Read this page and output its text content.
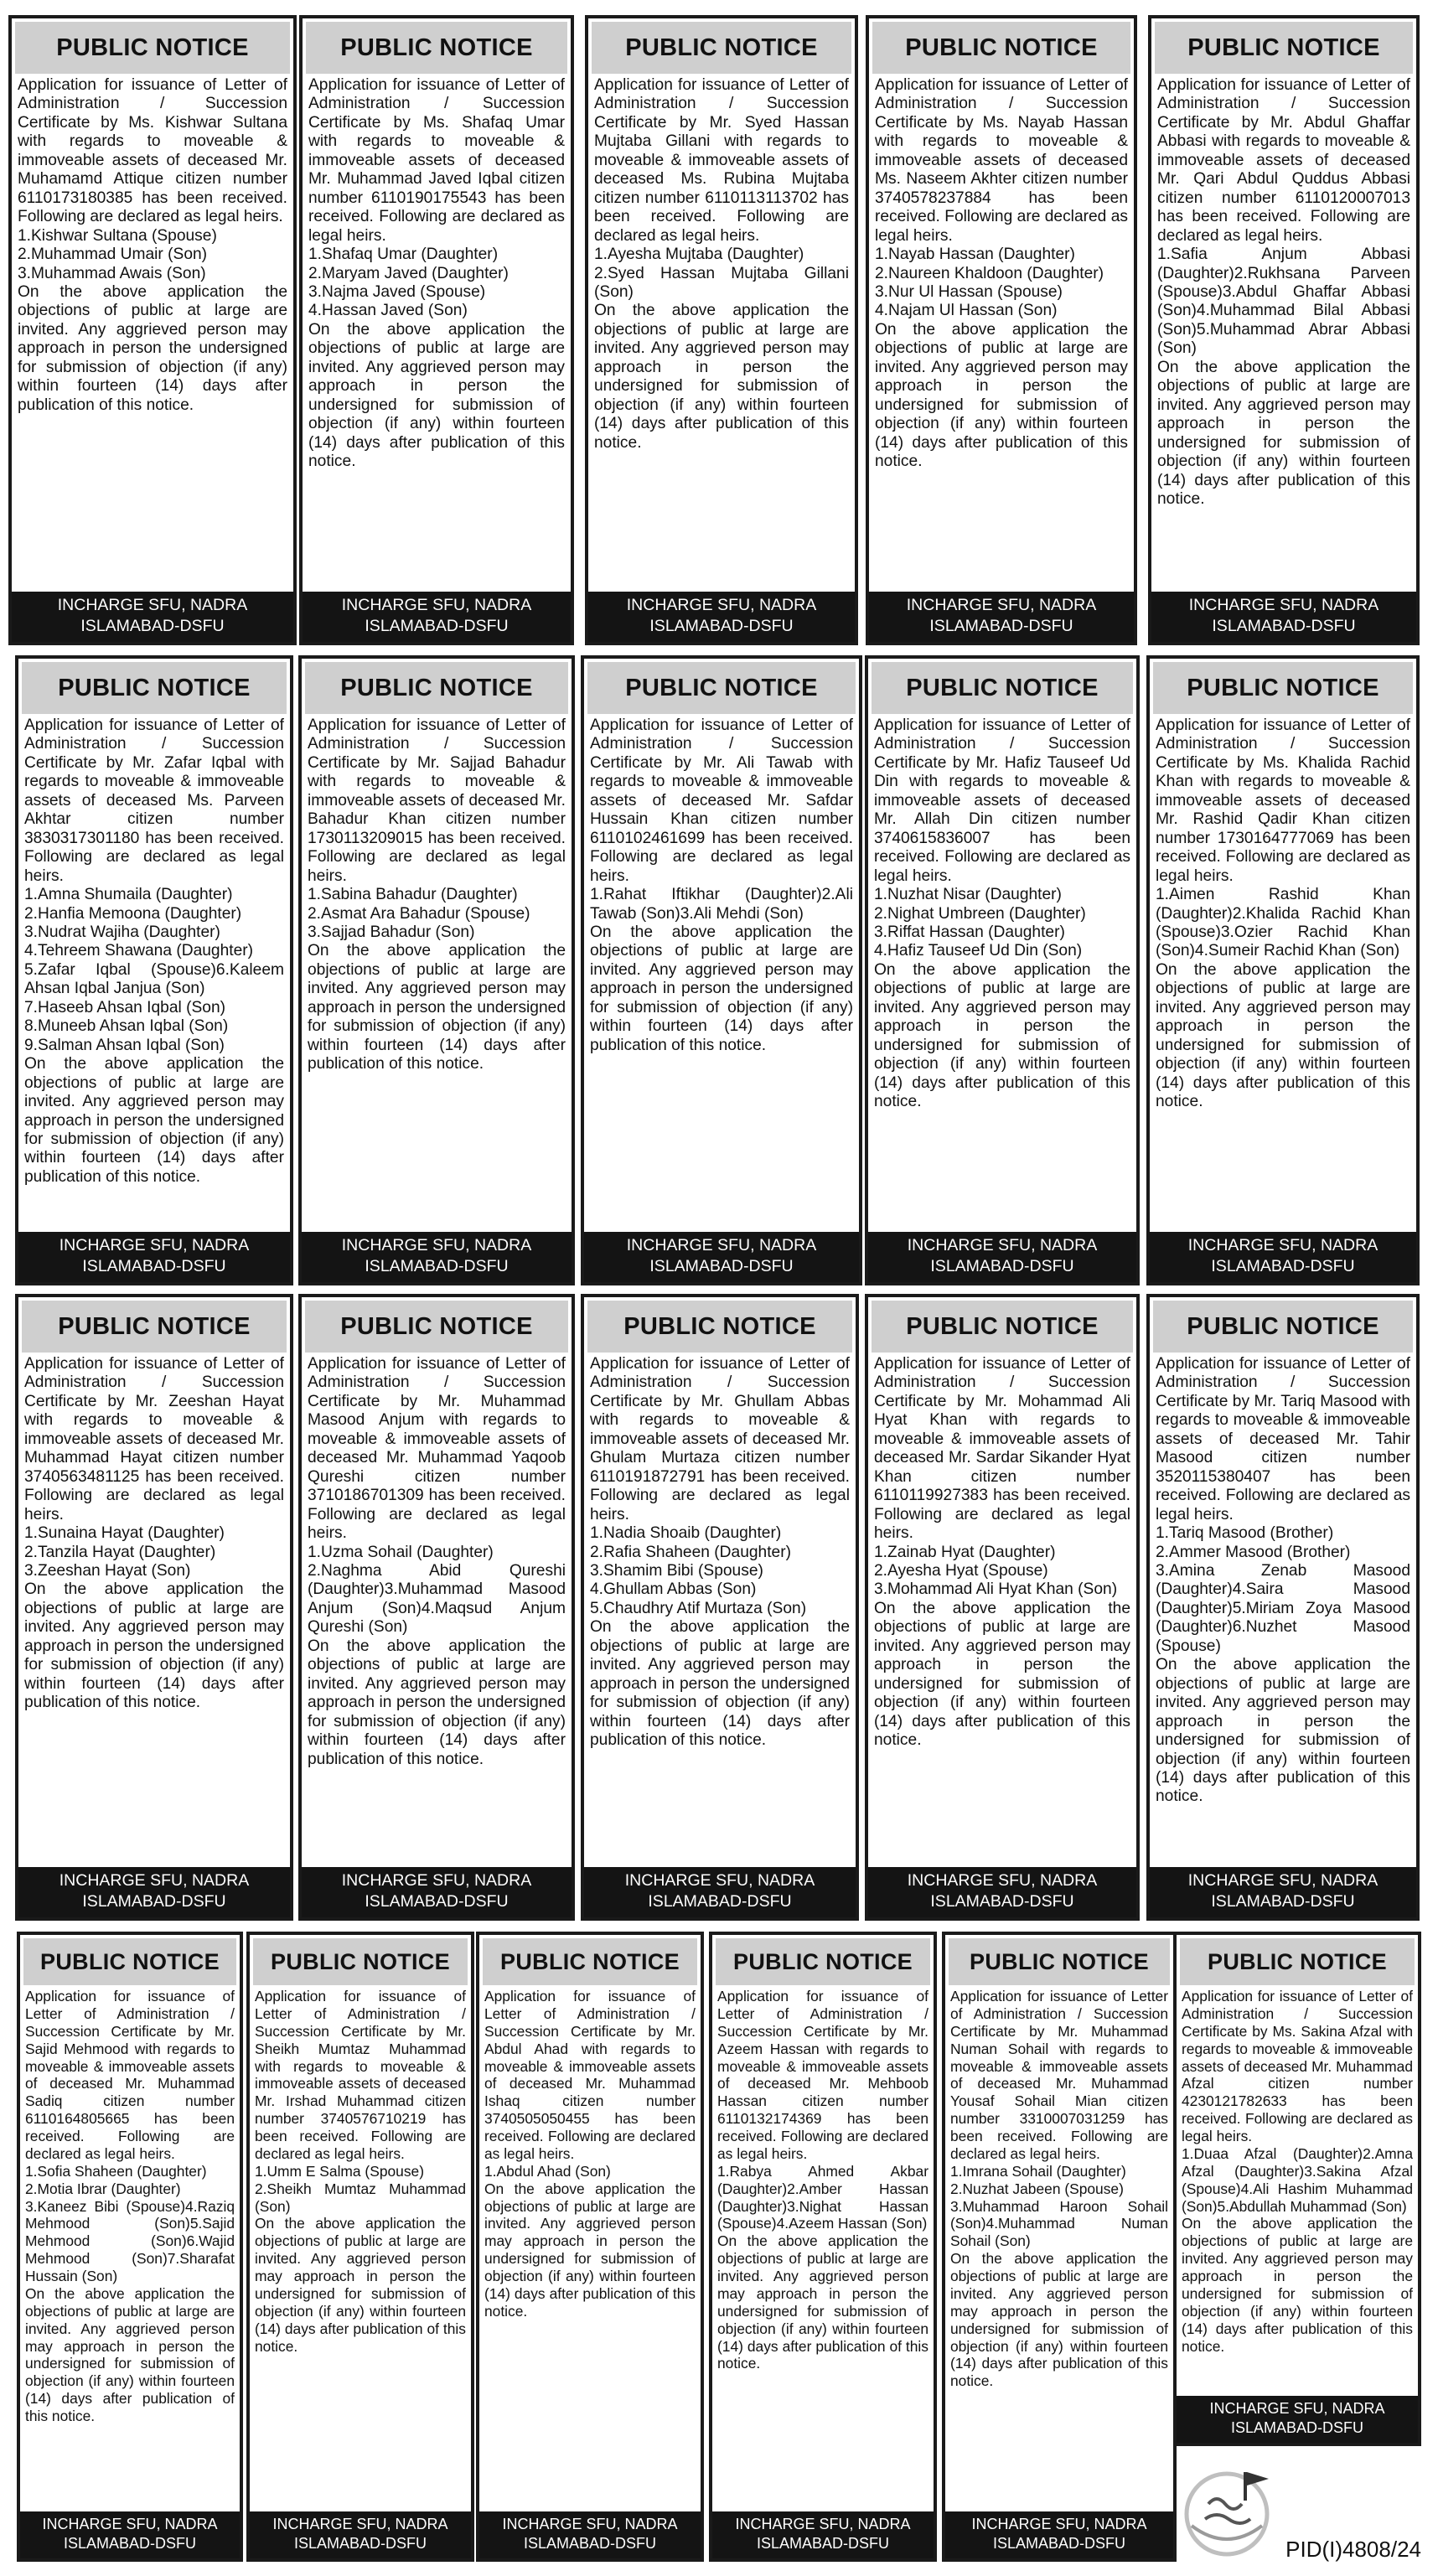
PUBLIC NOTICE

Application for issuance of Letter of Administration / Succession Certificate by Ms. Kishwar Sultana with regards to moveable & immoveable assets of deceased Mr. Muhamamd Attique citizen number 6110173180385 has been received. Following are declared as legal heirs.

1.Kishwar Sultana (Spouse)
2.Muhammad Umair (Son)
3.Muhammad Awais (Son)

On the above application the objections of public at large are invited. Any aggrieved person may approach in person the undersigned for submission of objection (if any) within fourteen (14) days after publication of this notice.

INCHARGE SFU, NADRA
ISLAMABAD-DSFU
PUBLIC NOTICE

Application for issuance of Letter of Administration / Succession Certificate by Ms. Shafaq Umar with regards to moveable & immoveable assets of deceased Mr. Muhammad Javed Iqbal citizen number 6110190175543 has been received. Following are declared as legal heirs.

1.Shafaq Umar (Daughter)
2.Maryam Javed (Daughter)
3.Najma Javed (Spouse)
4.Hassan Javed (Son)

On the above application the objections of public at large are invited. Any aggrieved person may approach in person the undersigned for submission of objection (if any) within fourteen (14) days after publication of this notice.

INCHARGE SFU, NADRA
ISLAMABAD-DSFU
PUBLIC NOTICE

Application for issuance of Letter of Administration / Succession Certificate by Mr. Syed Hassan Mujtaba Gillani with regards to moveable & immoveable assets of deceased Ms. Rubina Mujtaba citizen number 6110113113702 has been received. Following are declared as legal heirs.

1.Ayesha Mujtaba (Daughter)
2.Syed Hassan Mujtaba Gillani (Son)

On the above application the objections of public at large are invited. Any aggrieved person may approach in person the undersigned for submission of objection (if any) within fourteen (14) days after publication of this notice.

INCHARGE SFU, NADRA
ISLAMABAD-DSFU
PUBLIC NOTICE

Application for issuance of Letter of Administration / Succession Certificate by Ms. Nayab Hassan with regards to moveable & immoveable assets of deceased Ms. Naseem Akhter citizen number 3740578237884 has been received. Following are declared as legal heirs.

1.Nayab Hassan (Daughter)
2.Naureen Khaldoon (Daughter)
3.Nur Ul Hassan (Spouse)
4.Najam Ul Hassan (Son)

On the above application the objections of public at large are invited. Any aggrieved person may approach in person the undersigned for submission of objection (if any) within fourteen (14) days after publication of this notice.

INCHARGE SFU, NADRA
ISLAMABAD-DSFU
PUBLIC NOTICE

Application for issuance of Letter of Administration / Succession Certificate by Mr. Abdul Ghaffar Abbasi with regards to moveable & immoveable assets of deceased Mr. Qari Abdul Quddus Abbasi citizen number 6110120007013 has been received. Following are declared as legal heirs.

1.Safia Anjum Abbasi (Daughter)2.Rukhsana Parveen (Spouse)3.Abdul Ghaffar Abbasi (Son)4.Muhammad Bilal Abbasi (Son)5.Muhammad Abrar Abbasi (Son)

On the above application the objections of public at large are invited. Any aggrieved person may approach in person the undersigned for submission of objection (if any) within fourteen (14) days after publication of this notice.

INCHARGE SFU, NADRA
ISLAMABAD-DSFU
PUBLIC NOTICE

Application for issuance of Letter of Administration / Succession Certificate by Mr. Zafar Iqbal with regards to moveable & immoveable assets of deceased Ms. Parveen Akhtar citizen number 3830317301180 has been received. Following are declared as legal heirs.

1.Amna Shumaila (Daughter)
2.Hanfia Memoona (Daughter)
3.Nudrat Wajiha (Daughter)
4.Tehreem Shawana (Daughter)
5.Zafar Iqbal (Spouse)6.Kaleem Ahsan Iqbal Janjua (Son)
7.Haseeb Ahsan Iqbal (Son)
8.Muneeb Ahsan Iqbal (Son)
9.Salman Ahsan Iqbal (Son)

On the above application the objections of public at large are invited. Any aggrieved person may approach in person the undersigned for submission of objection (if any) within fourteen (14) days after publication of this notice.

INCHARGE SFU, NADRA
ISLAMABAD-DSFU
PUBLIC NOTICE

Application for issuance of Letter of Administration / Succession Certificate by Mr. Sajjad Bahadur with regards to moveable & immoveable assets of deceased Mr. Bahadur Khan citizen number 1730113209015 has been received. Following are declared as legal heirs.

1.Sabina Bahadur (Daughter)
2.Asmat Ara Bahadur (Spouse)
3.Sajjad Bahadur (Son)

On the above application the objections of public at large are invited. Any aggrieved person may approach in person the undersigned for submission of objection (if any) within fourteen (14) days after publication of this notice.

INCHARGE SFU, NADRA
ISLAMABAD-DSFU
PUBLIC NOTICE

Application for issuance of Letter of Administration / Succession Certificate by Mr. Ali Tawab with regards to moveable & immoveable assets of deceased Mr. Safdar Hussain Khan citizen number 6110102461699 has been received. Following are declared as legal heirs.

1.Rahat Iftikhar (Daughter)2.Ali Tawab (Son)3.Ali Mehdi (Son)

On the above application the objections of public at large are invited. Any aggrieved person may approach in person the undersigned for submission of objection (if any) within fourteen (14) days after publication of this notice.

INCHARGE SFU, NADRA
ISLAMABAD-DSFU
PUBLIC NOTICE

Application for issuance of Letter of Administration / Succession Certificate by Mr. Hafiz Tauseef Ud Din with regards to moveable & immoveable assets of deceased Mr. Allah Din citizen number 3740615836007 has been received. Following are declared as legal heirs.

1.Nuzhat Nisar (Daughter)
2.Nighat Umbreen (Daughter)
3.Riffat Hassan (Daughter)
4.Hafiz Tauseef Ud Din (Son)

On the above application the objections of public at large are invited. Any aggrieved person may approach in person the undersigned for submission of objection (if any) within fourteen (14) days after publication of this notice.

INCHARGE SFU, NADRA
ISLAMABAD-DSFU
PUBLIC NOTICE

Application for issuance of Letter of Administration / Succession Certificate by Ms. Khalida Rachid Khan with regards to moveable & immoveable assets of deceased Mr. Rashid Qadir Khan citizen number 1730164777069 has been received. Following are declared as legal heirs.

1.Aimen Rashid Khan (Daughter)2.Khalida Rachid Khan (Spouse)3.Ozier Rachid Khan (Son)4.Sumeir Rachid Khan (Son)

On the above application the objections of public at large are invited. Any aggrieved person may approach in person the undersigned for submission of objection (if any) within fourteen (14) days after publication of this notice.

INCHARGE SFU, NADRA
ISLAMABAD-DSFU
PUBLIC NOTICE

Application for issuance of Letter of Administration / Succession Certificate by Mr. Zeeshan Hayat with regards to moveable & immoveable assets of deceased Mr. Muhammad Hayat citizen number 3740563481125 has been received. Following are declared as legal heirs.

1.Sunaina Hayat (Daughter)
2.Tanzila Hayat (Daughter)
3.Zeeshan Hayat (Son)

On the above application the objections of public at large are invited. Any aggrieved person may approach in person the undersigned for submission of objection (if any) within fourteen (14) days after publication of this notice.

INCHARGE SFU, NADRA
ISLAMABAD-DSFU
PUBLIC NOTICE

Application for issuance of Letter of Administration / Succession Certificate by Mr. Muhammad Masood Anjum with regards to moveable & immoveable assets of deceased Mr. Muhammad Yaqoob Qureshi citizen number 3710186701309 has been received. Following are declared as legal heirs.

1.Uzma Sohail (Daughter)
2.Naghma Abid Qureshi (Daughter)3.Muhammad Masood Anjum (Son)4.Maqsud Anjum Qureshi (Son)

On the above application the objections of public at large are invited. Any aggrieved person may approach in person the undersigned for submission of objection (if any) within fourteen (14) days after publication of this notice.

INCHARGE SFU, NADRA
ISLAMABAD-DSFU
PUBLIC NOTICE

Application for issuance of Letter of Administration / Succession Certificate by Mr. Ghullam Abbas with regards to moveable & immoveable assets of deceased Mr. Ghulam Murtaza citizen number 6110191872791 has been received. Following are declared as legal heirs.

1.Nadia Shoaib (Daughter)
2.Rafia Shaheen (Daughter)
3.Shamim Bibi (Spouse)
4.Ghullam Abbas (Son)
5.Chaudhry Atif Murtaza (Son)

On the above application the objections of public at large are invited. Any aggrieved person may approach in person the undersigned for submission of objection (if any) within fourteen (14) days after publication of this notice.

INCHARGE SFU, NADRA
ISLAMABAD-DSFU
PUBLIC NOTICE

Application for issuance of Letter of Administration / Succession Certificate by Mr. Mohammad Ali Hyat Khan with regards to moveable & immoveable assets of deceased Mr. Sardar Sikander Hyat Khan citizen number 6110119927383 has been received. Following are declared as legal heirs.

1.Zainab Hyat (Daughter)
2.Ayesha Hyat (Spouse)
3.Mohammad Ali Hyat Khan (Son)

On the above application the objections of public at large are invited. Any aggrieved person may approach in person the undersigned for submission of objection (if any) within fourteen (14) days after publication of this notice.

INCHARGE SFU, NADRA
ISLAMABAD-DSFU
PUBLIC NOTICE

Application for issuance of Letter of Administration / Succession Certificate by Mr. Tariq Masood with regards to moveable & immoveable assets of deceased Mr. Tahir Masood citizen number 3520115380407 has been received. Following are declared as legal heirs.

1.Tariq Masood (Brother)
2.Ammer Masood (Brother)
3.Amina Zenab Masood (Daughter)4.Saira Masood (Daughter)5.Miriam Zoya Masood (Daughter)6.Nuzhet Masood (Spouse)

On the above application the objections of public at large are invited. Any aggrieved person may approach in person the undersigned for submission of objection (if any) within fourteen (14) days after publication of this notice.

INCHARGE SFU, NADRA
ISLAMABAD-DSFU
PUBLIC NOTICE

Application for issuance of Letter of Administration / Succession Certificate by Mr. Sajid Mehmood with regards to moveable & immoveable assets of deceased Mr. Muhammad Sadiq citizen number 6110164805665 has been received. Following are declared as legal heirs.

1.Sofia Shaheen (Daughter)
2.Motia Ibrar (Daughter)
3.Kaneez Bibi (Spouse)4.Raziq Mehmood (Son)5.Sajid Mehmood (Son)6.Wajid Mehmood (Son)7.Sharafat Hussain (Son)

On the above application the objections of public at large are invited. Any aggrieved person may approach in person the undersigned for submission of objection (if any) within fourteen (14) days after publication of this notice.

INCHARGE SFU, NADRA
ISLAMABAD-DSFU
PUBLIC NOTICE

Application for issuance of Letter of Administration / Succession Certificate by Mr. Sheikh Mumtaz Muhammad with regards to moveable & immoveable assets of deceased Mr. Irshad Muhammad citizen number 3740576710219 has been received. Following are declared as legal heirs.

1.Umm E Salma (Spouse)
2.Sheikh Mumtaz Muhammad (Son)

On the above application the objections of public at large are invited. Any aggrieved person may approach in person the undersigned for submission of objection (if any) within fourteen (14) days after publication of this notice.

INCHARGE SFU, NADRA
ISLAMABAD-DSFU
PUBLIC NOTICE

Application for issuance of Letter of Administration / Succession Certificate by Mr. Abdul Ahad with regards to moveable & immoveable assets of deceased Mr. Muhammad Ishaq citizen number 3740505050455 has been received. Following are declared as legal heirs.

1.Abdul Ahad (Son)

On the above application the objections of public at large are invited. Any aggrieved person may approach in person the undersigned for submission of objection (if any) within fourteen (14) days after publication of this notice.

INCHARGE SFU, NADRA
ISLAMABAD-DSFU
PUBLIC NOTICE

Application for issuance of Letter of Administration / Succession Certificate by Mr. Azeem Hassan with regards to moveable & immoveable assets of deceased Mr. Mehboob Hassan citizen number 6110132174369 has been received. Following are declared as legal heirs.

1.Rabya Ahmed Akbar (Daughter)2.Amber Hassan (Daughter)3.Nighat Hassan (Spouse)4.Azeem Hassan (Son)

On the above application the objections of public at large are invited. Any aggrieved person may approach in person the undersigned for submission of objection (if any) within fourteen (14) days after publication of this notice.

INCHARGE SFU, NADRA
ISLAMABAD-DSFU
PUBLIC NOTICE

Application for issuance of Letter of Administration / Succession Certificate by Mr. Muhammad Numan Sohail with regards to moveable & immoveable assets of deceased Mr. Muhammad Yousaf Sohail Mian citizen number 3310007031259 has been received. Following are declared as legal heirs.

1.Imrana Sohail (Daughter)
2.Nuzhat Jabeen (Spouse)
3.Muhammad Haroon Sohail (Son)4.Muhammad Numan Sohail (Son)

On the above application the objections of public at large are invited. Any aggrieved person may approach in person the undersigned for submission of objection (if any) within fourteen (14) days after publication of this notice.

INCHARGE SFU, NADRA
ISLAMABAD-DSFU
PUBLIC NOTICE

Application for issuance of Letter of Administration / Succession Certificate by Ms. Sakina Afzal with regards to moveable & immoveable assets of deceased Mr. Muhammad Afzal citizen number 4230121782633 has been received. Following are declared as legal heirs.

1.Duaa Afzal (Daughter)2.Amna Afzal (Daughter)3.Sakina Afzal (Spouse)4.Ali Hashim Muhammad (Son)5.Abdullah Muhammad (Son)

On the above application the objections of public at large are invited. Any aggrieved person may approach in person the undersigned for submission of objection (if any) within fourteen (14) days after publication of this notice.

INCHARGE SFU, NADRA
ISLAMABAD-DSFU
PID(I)4808/24
